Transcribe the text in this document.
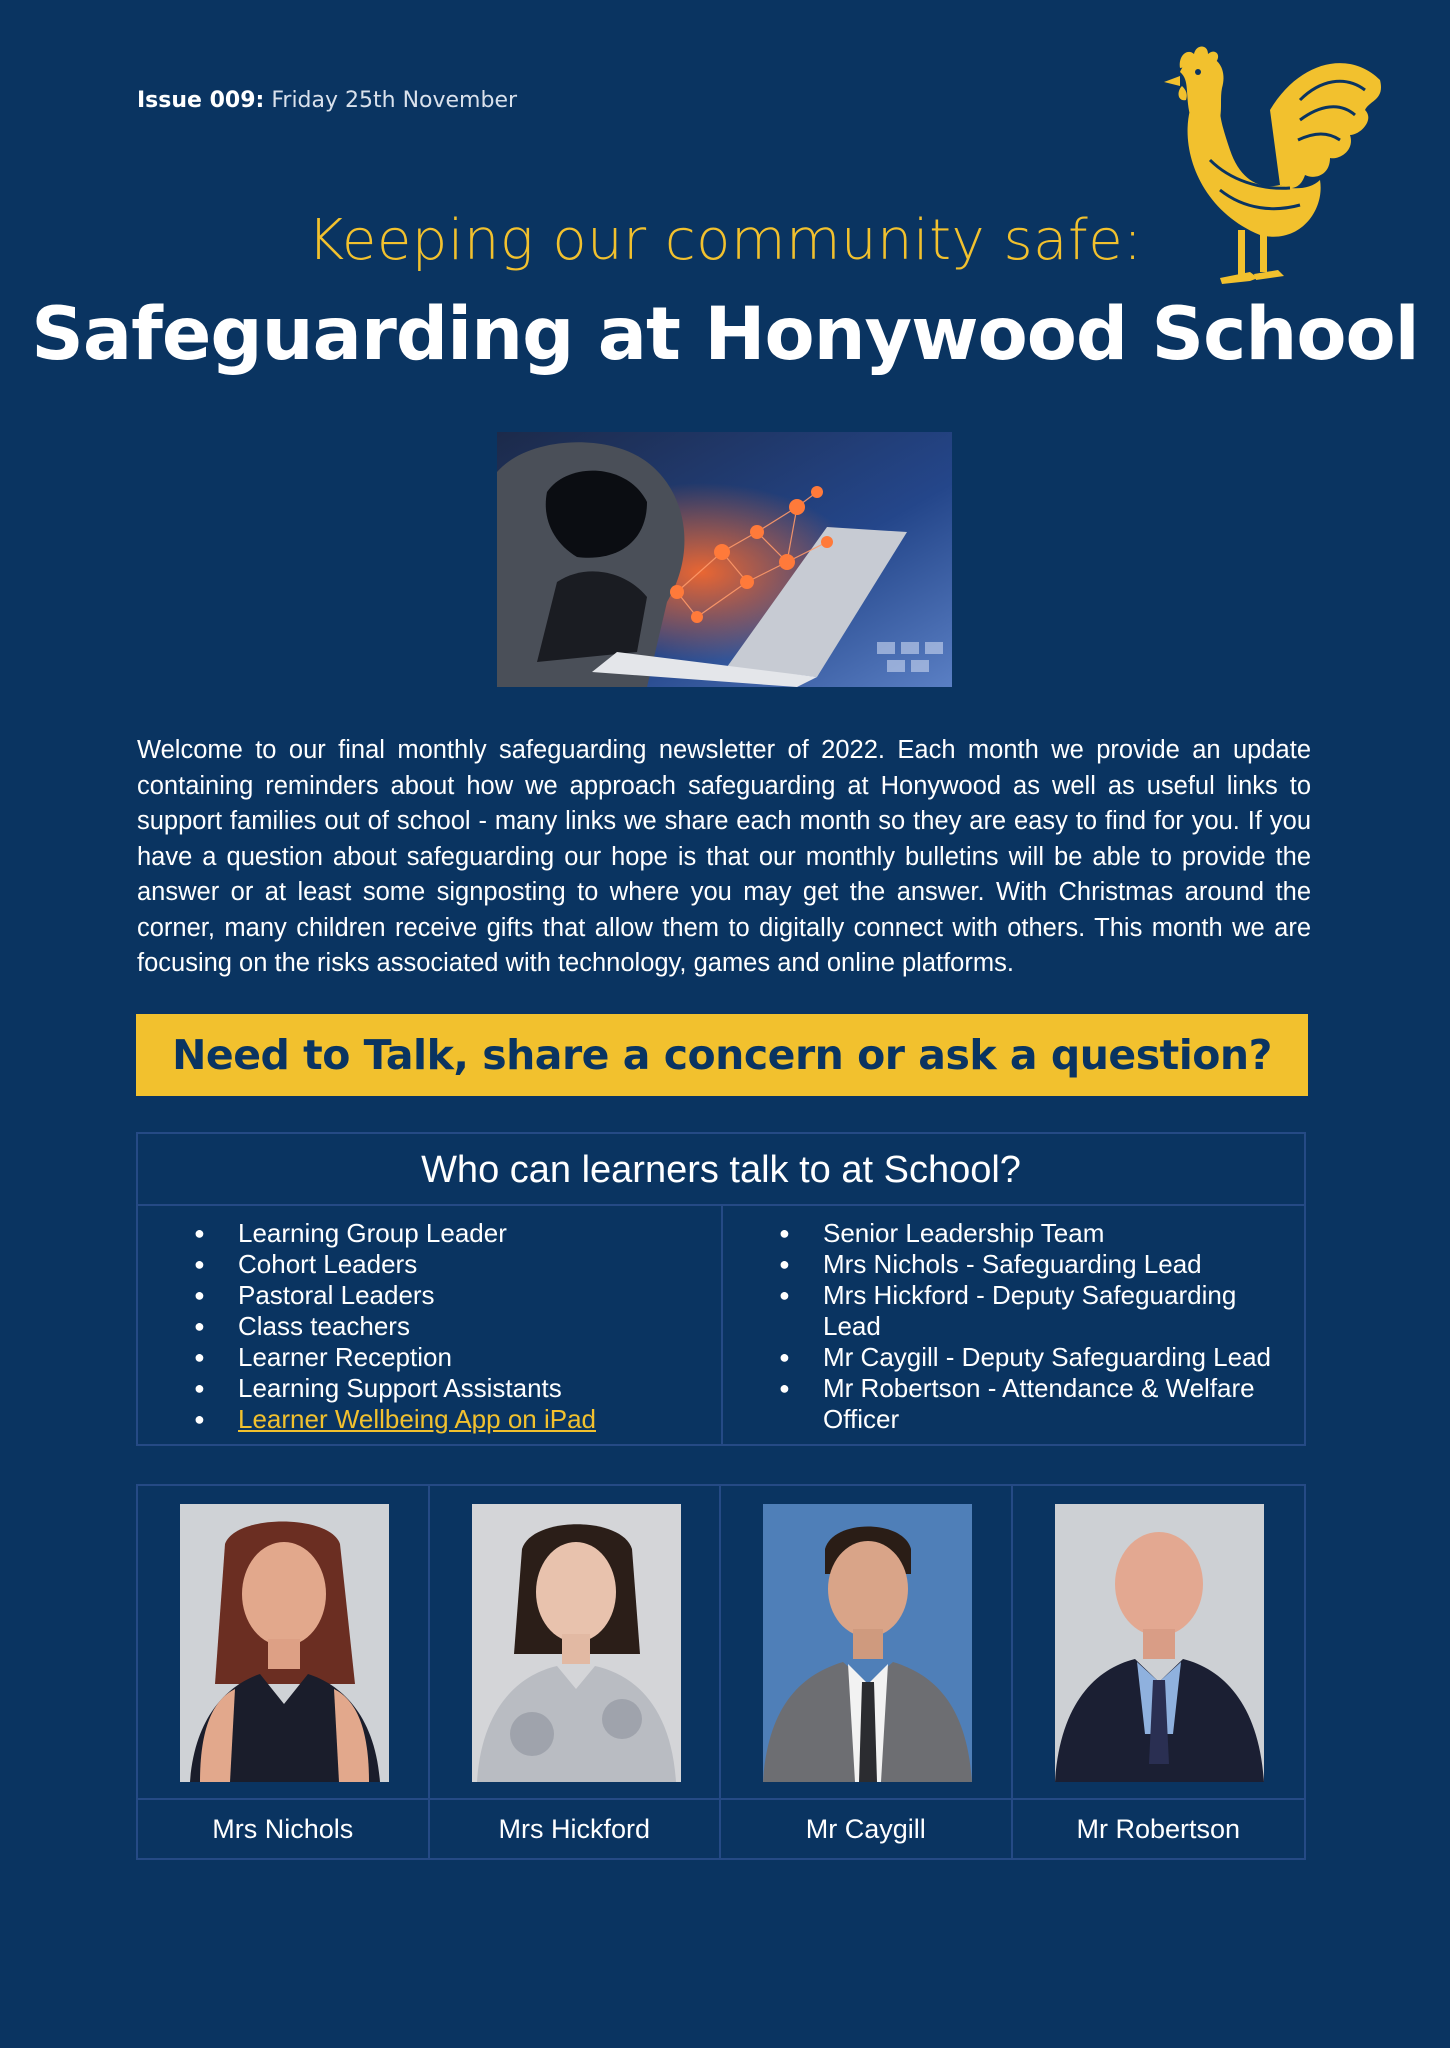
Issue 009: Friday 25th November
Keeping our community safe:
Safeguarding at Honywood School
Welcome to our final monthly safeguarding newsletter of 2022. Each month we provide an update containing reminders about how we approach safeguarding at Honywood as well as useful links to support families out of school - many links we share each month so they are easy to find for you. If you have a question about safeguarding our hope is that our monthly bulletins will be able to provide the answer or at least some signposting to where you may get the answer. With Christmas around the corner, many children receive gifts that allow them to digitally connect with others. This month we are focusing on the risks associated with technology, games and online platforms.
Need to Talk, share a concern or ask a question?
Who can learners talk to at School?
● Learning Group Leader
● Cohort Leaders
● Pastoral Leaders
● Class teachers
● Learner Reception
● Learning Support Assistants
● Learner Wellbeing App on iPad
● Senior Leadership Team
● Mrs Nichols - Safeguarding Lead
● Mrs Hickford - Deputy Safeguarding Lead
● Mr Caygill - Deputy Safeguarding Lead
● Mr Robertson - Attendance & Welfare Officer
Mrs Nichols	Mrs Hickford	Mr Caygill	Mr Robertson
